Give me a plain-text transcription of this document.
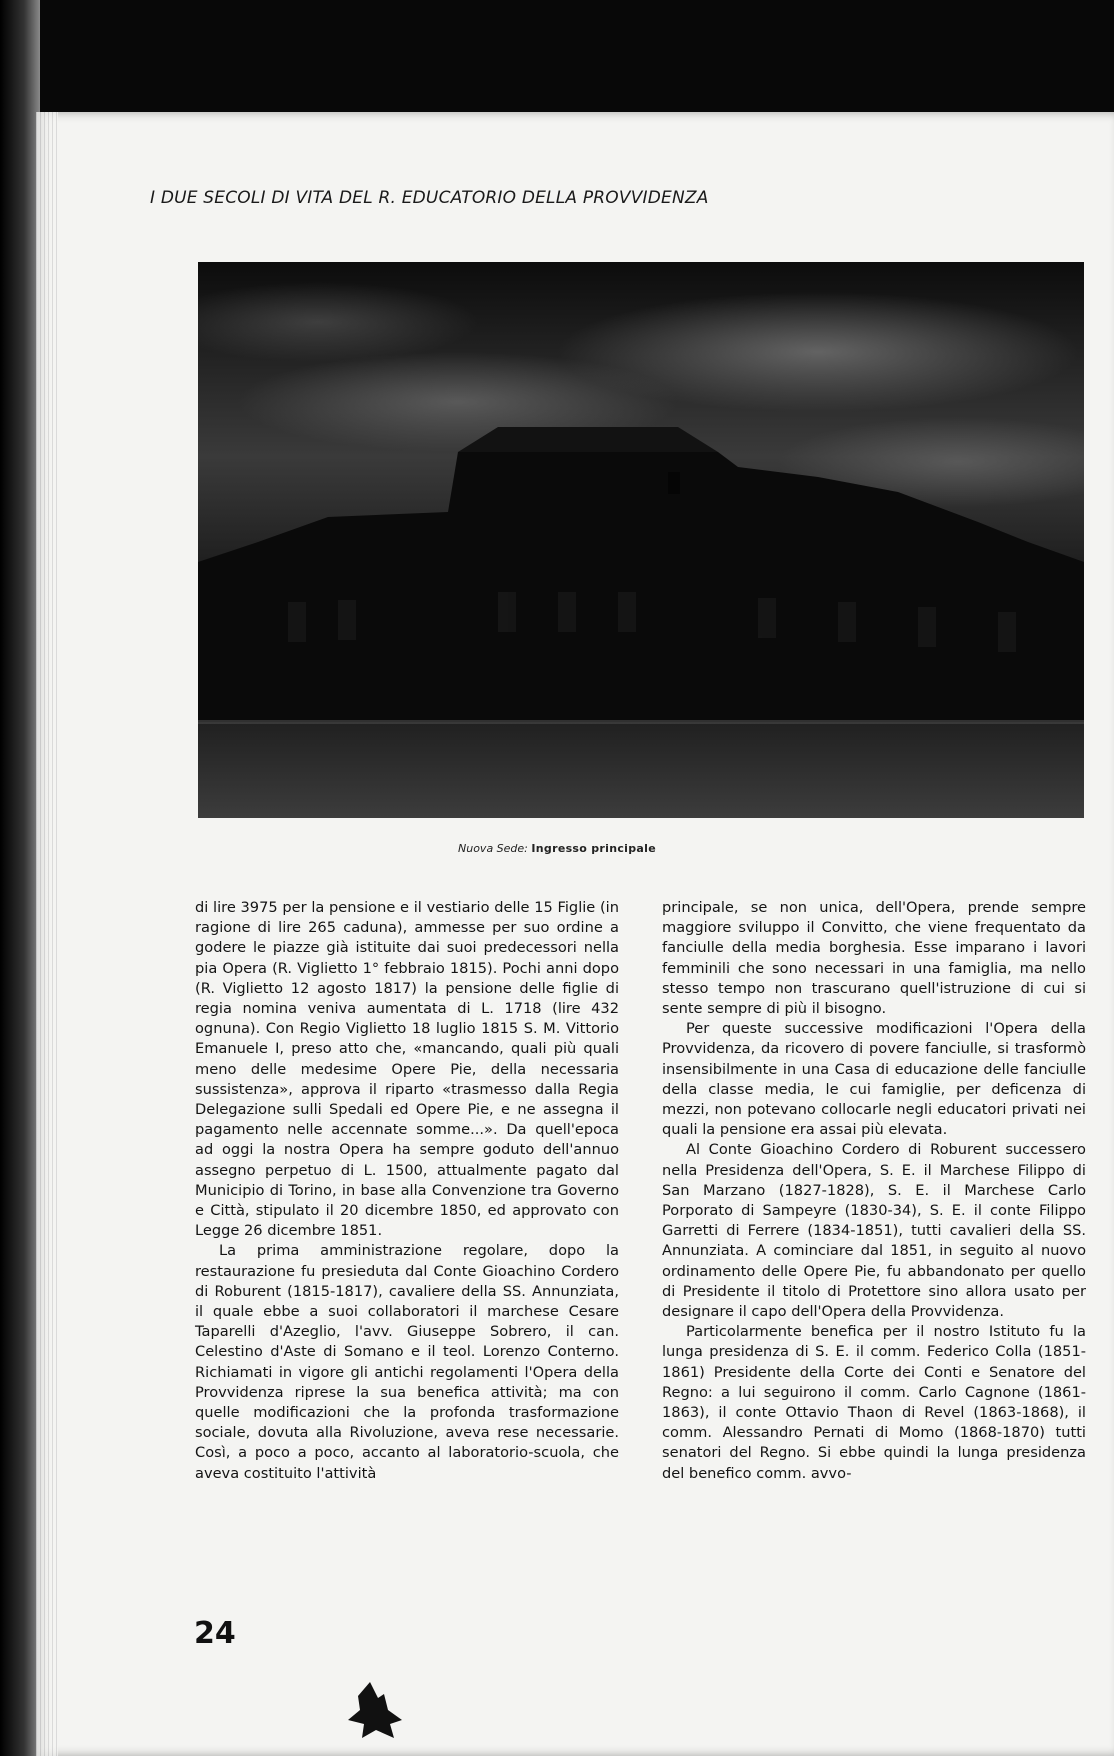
I DUE SECOLI DI VITA DEL R. EDUCATORIO DELLA PROVVIDENZA
Nuova Sede: Ingresso principale

di lire 3975 per la pensione e il vestiario delle 15 Figlie (in ragione di lire 265 caduna), ammesse per suo ordine a godere le piazze già istituite dai suoi predecessori nella pia Opera (R. Viglietto 1° febbraio 1815). Pochi anni dopo (R. Viglietto 12 agosto 1817) la pensione delle figlie di regia nomina veniva aumentata di L. 1718 (lire 432 ognuna). Con Regio Viglietto 18 luglio 1815 S. M. Vittorio Emanuele I, preso atto che, «mancando, quali più quali meno delle medesime Opere Pie, della necessaria sussistenza», approva il riparto «trasmesso dalla Regia Delegazione sulli Spedali ed Opere Pie, e ne assegna il pagamento nelle accennate somme...». Da quell'epoca ad oggi la nostra Opera ha sempre goduto dell'annuo assegno perpetuo di L. 1500, attualmente pagato dal Municipio di Torino, in base alla Convenzione tra Governo e Città, stipulato il 20 dicembre 1850, ed approvato con Legge 26 dicembre 1851.

La prima amministrazione regolare, dopo la restaurazione fu presieduta dal Conte Gioachino Cordero di Roburent (1815-1817), cavaliere della SS. Annunziata, il quale ebbe a suoi collaboratori il marchese Cesare Taparelli d'Azeglio, l'avv. Giuseppe Sobrero, il can. Celestino d'Aste di Somano e il teol. Lorenzo Conterno. Richiamati in vigore gli antichi regolamenti l'Opera della Provvidenza riprese la sua benefica attività; ma con quelle modificazioni che la profonda trasformazione sociale, dovuta alla Rivoluzione, aveva rese necessarie. Così, a poco a poco, accanto al laboratorio-scuola, che aveva costituito l'attività

principale, se non unica, dell'Opera, prende sempre maggiore sviluppo il Convitto, che viene frequentato da fanciulle della media borghesia. Esse imparano i lavori femminili che sono necessari in una famiglia, ma nello stesso tempo non trascurano quell'istruzione di cui si sente sempre di più il bisogno.

Per queste successive modificazioni l'Opera della Provvidenza, da ricovero di povere fanciulle, si trasformò insensibilmente in una Casa di educazione delle fanciulle della classe media, le cui famiglie, per deficenza di mezzi, non potevano collocarle negli educatori privati nei quali la pensione era assai più elevata.

Al Conte Gioachino Cordero di Roburent successero nella Presidenza dell'Opera, S. E. il Marchese Filippo di San Marzano (1827-1828), S. E. il Marchese Carlo Porporato di Sampeyre (1830-34), S. E. il conte Filippo Garretti di Ferrere (1834-1851), tutti cavalieri della SS. Annunziata. A cominciare dal 1851, in seguito al nuovo ordinamento delle Opere Pie, fu abbandonato per quello di Presidente il titolo di Protettore sino allora usato per designare il capo dell'Opera della Provvidenza.

Particolarmente benefica per il nostro Istituto fu la lunga presidenza di S. E. il comm. Federico Colla (1851-1861) Presidente della Corte dei Conti e Senatore del Regno: a lui seguirono il comm. Carlo Cagnone (1861-1863), il conte Ottavio Thaon di Revel (1863-1868), il comm. Alessandro Pernati di Momo (1868-1870) tutti senatori del Regno. Si ebbe quindi la lunga presidenza del benefico comm. avvo-

24
